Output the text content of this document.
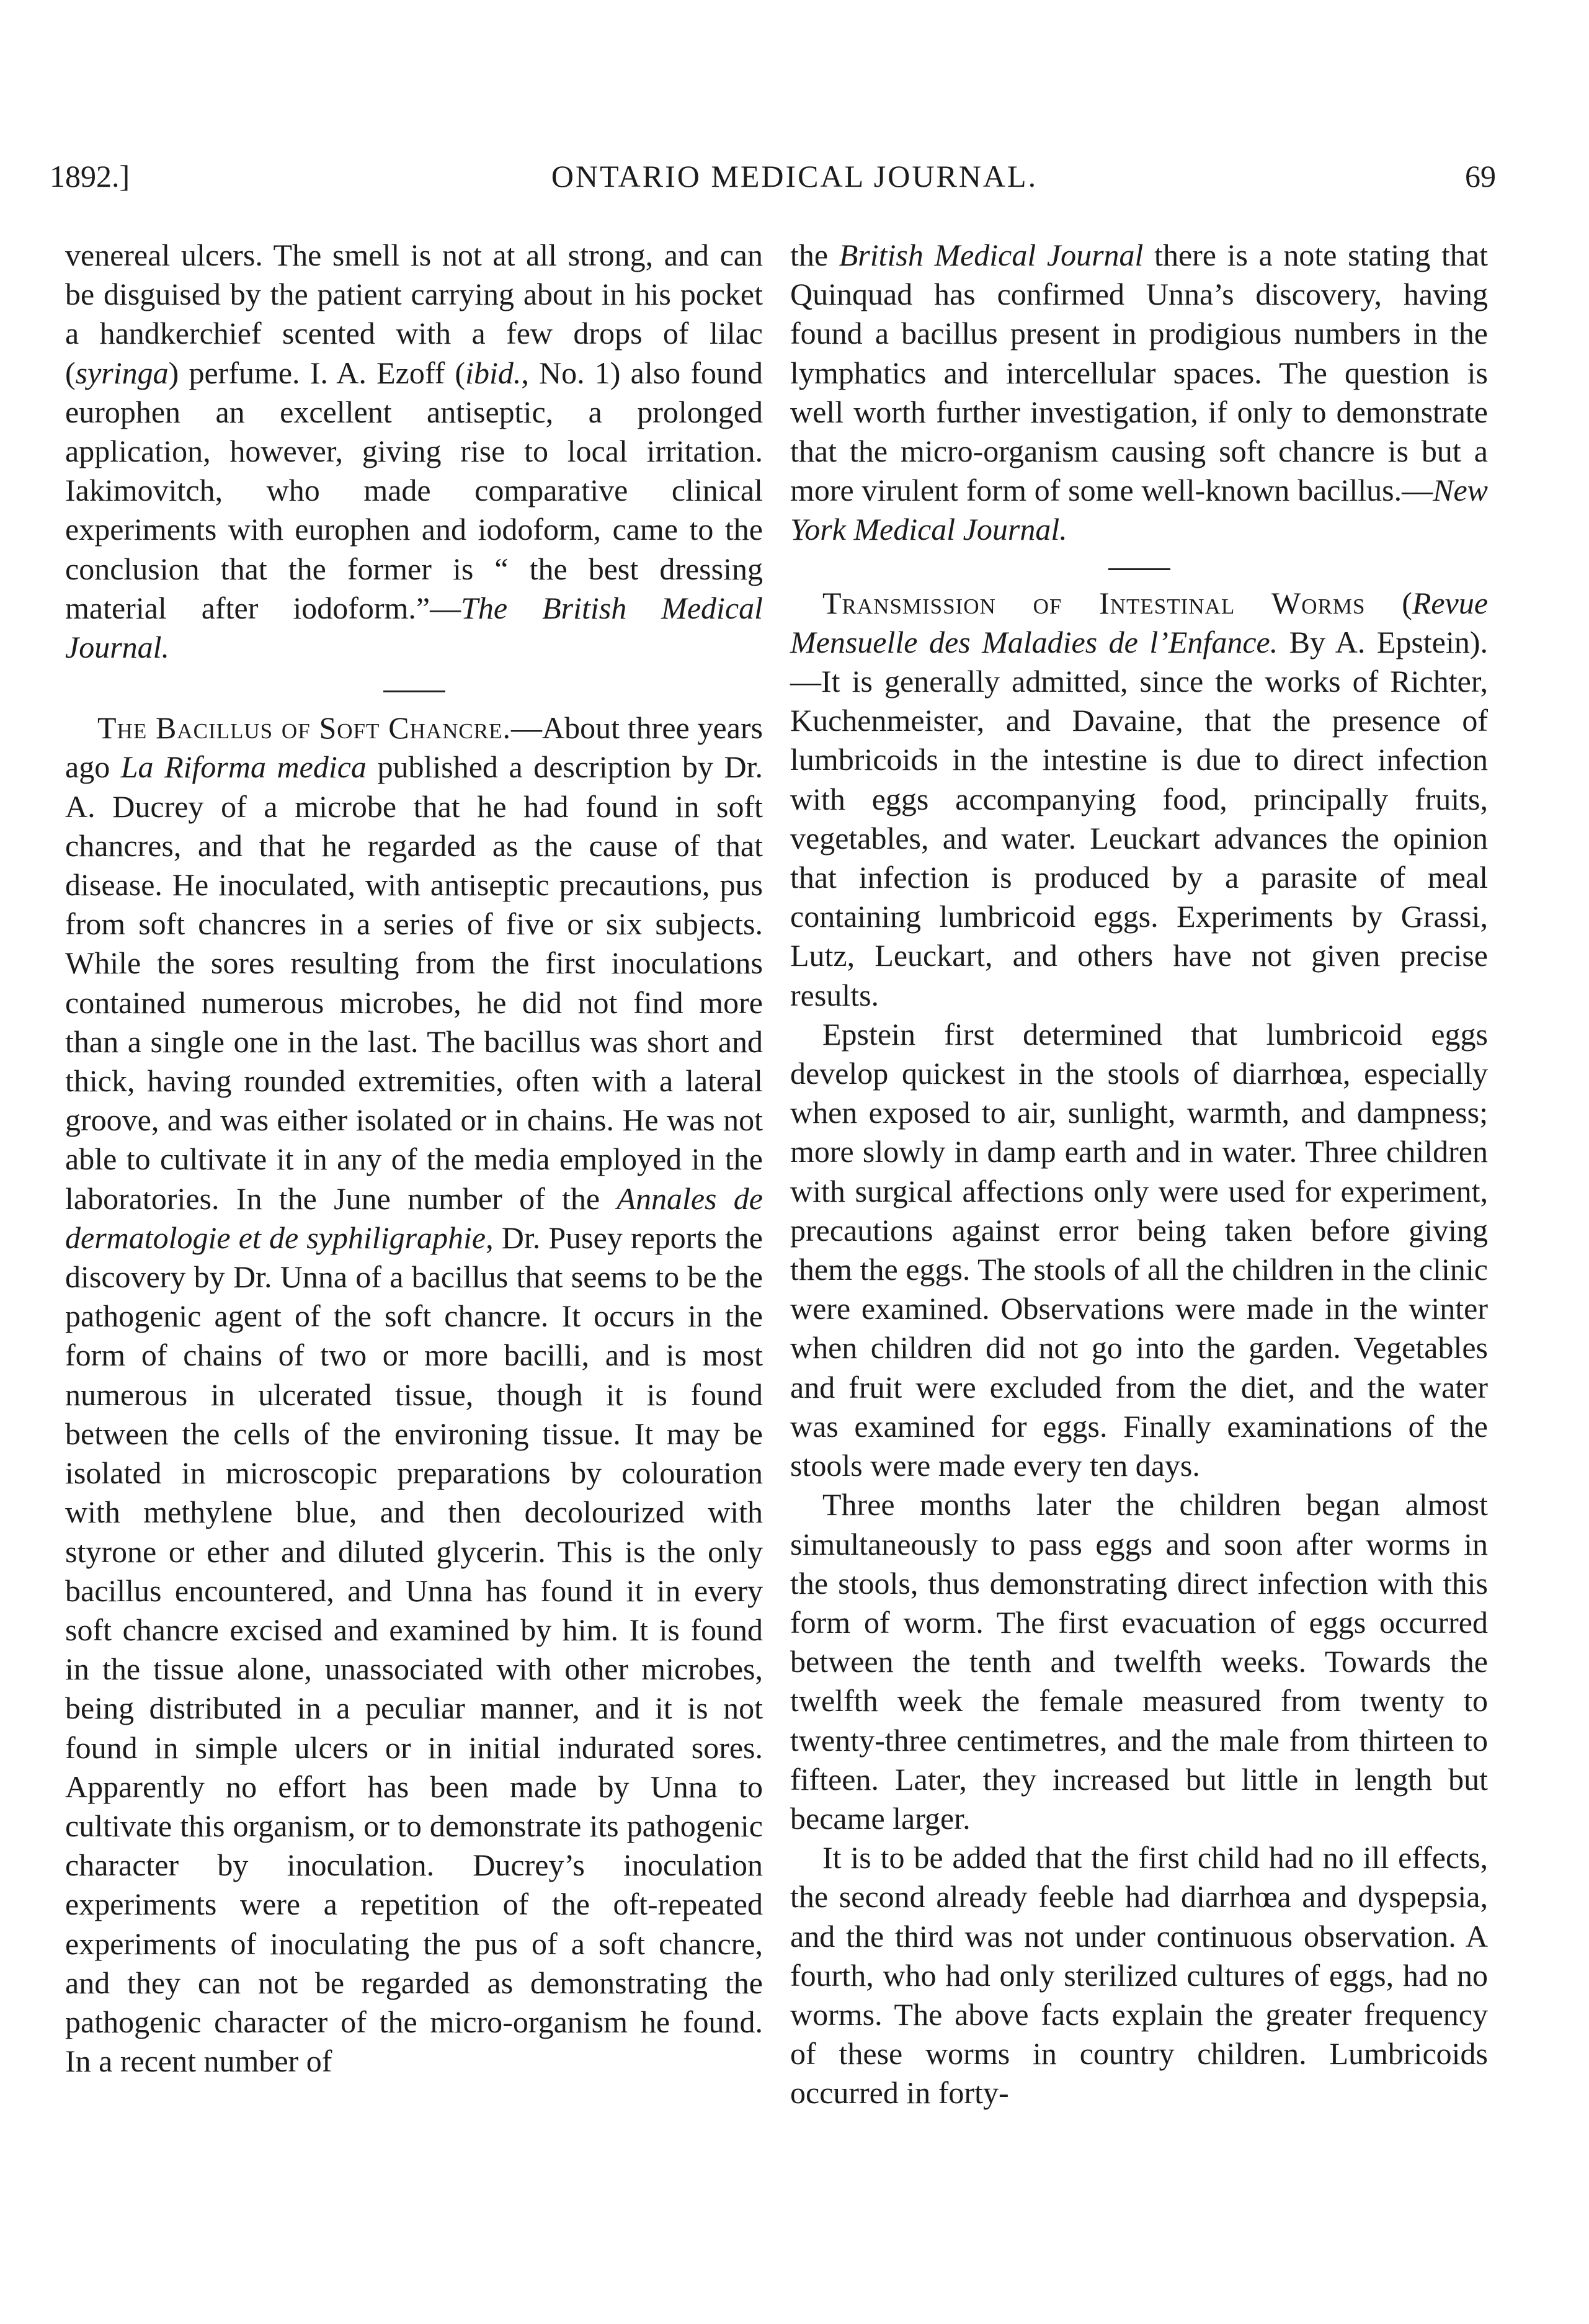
1892.]	ONTARIO MEDICAL JOURNAL.	69

venereal ulcers. The smell is not at all strong, and can be disguised by the patient carrying about in his pocket a handkerchief scented with a few drops of lilac (syringa) perfume. I. A. Ezoff (ibid., No. 1) also found europhen an excellent antiseptic, a prolonged application, however, giving rise to local irritation. Iakimovitch, who made comparative clinical experiments with europhen and iodoform, came to the conclusion that the former is “ the best dressing material after iodoform.”—The British Medical Journal.

The Bacillus of Soft Chancre.—About three years ago La Riforma medica published a description by Dr. A. Ducrey of a microbe that he had found in soft chancres, and that he regarded as the cause of that disease. He inoculated, with antiseptic precautions, pus from soft chancres in a series of five or six subjects. While the sores resulting from the first inoculations contained numerous microbes, he did not find more than a single one in the last. The bacillus was short and thick, having rounded extremities, often with a lateral groove, and was either isolated or in chains. He was not able to cultivate it in any of the media employed in the laboratories. In the June number of the Annales de dermatologie et de syphiligraphie, Dr. Pusey reports the discovery by Dr. Unna of a bacillus that seems to be the pathogenic agent of the soft chancre. It occurs in the form of chains of two or more bacilli, and is most numerous in ulcerated tissue, though it is found between the cells of the environing tissue. It may be isolated in microscopic preparations by colouration with methylene blue, and then decolourized with styrone or ether and diluted glycerin. This is the only bacillus encountered, and Unna has found it in every soft chancre excised and examined by him. It is found in the tissue alone, unassociated with other microbes, being distributed in a peculiar manner, and it is not found in simple ulcers or in initial indurated sores. Apparently no effort has been made by Unna to cultivate this organism, or to demonstrate its pathogenic character by inoculation. Ducrey’s inoculation experiments were a repetition of the oft-repeated experiments of inoculating the pus of a soft chancre, and they can not be regarded as demonstrating the pathogenic character of the micro-organism he found. In a recent number of

the British Medical Journal there is a note stating that Quinquad has confirmed Unna’s discovery, having found a bacillus present in prodigious numbers in the lymphatics and intercellular spaces. The question is well worth further investigation, if only to demonstrate that the micro-organism causing soft chancre is but a more virulent form of some well-known bacillus.—New York Medical Journal.

Transmission of Intestinal Worms (Revue Mensuelle des Maladies de l’Enfance. By A. Epstein).—It is generally admitted, since the works of Richter, Kuchenmeister, and Davaine, that the presence of lumbricoids in the intestine is due to direct infection with eggs accompanying food, principally fruits, vegetables, and water. Leuckart advances the opinion that infection is produced by a parasite of meal containing lumbricoid eggs. Experiments by Grassi, Lutz, Leuckart, and others have not given precise results.

Epstein first determined that lumbricoid eggs develop quickest in the stools of diarrhœa, especially when exposed to air, sunlight, warmth, and dampness; more slowly in damp earth and in water. Three children with surgical affections only were used for experiment, precautions against error being taken before giving them the eggs. The stools of all the children in the clinic were examined. Observations were made in the winter when children did not go into the garden. Vegetables and fruit were excluded from the diet, and the water was examined for eggs. Finally examinations of the stools were made every ten days.

Three months later the children began almost simultaneously to pass eggs and soon after worms in the stools, thus demonstrating direct infection with this form of worm. The first evacuation of eggs occurred between the tenth and twelfth weeks. Towards the twelfth week the female measured from twenty to twenty-three centimetres, and the male from thirteen to fifteen. Later, they increased but little in length but became larger.

It is to be added that the first child had no ill effects, the second already feeble had diarrhœa and dyspepsia, and the third was not under continuous observation. A fourth, who had only sterilized cultures of eggs, had no worms. The above facts explain the greater frequency of these worms in country children. Lumbricoids occurred in forty-
